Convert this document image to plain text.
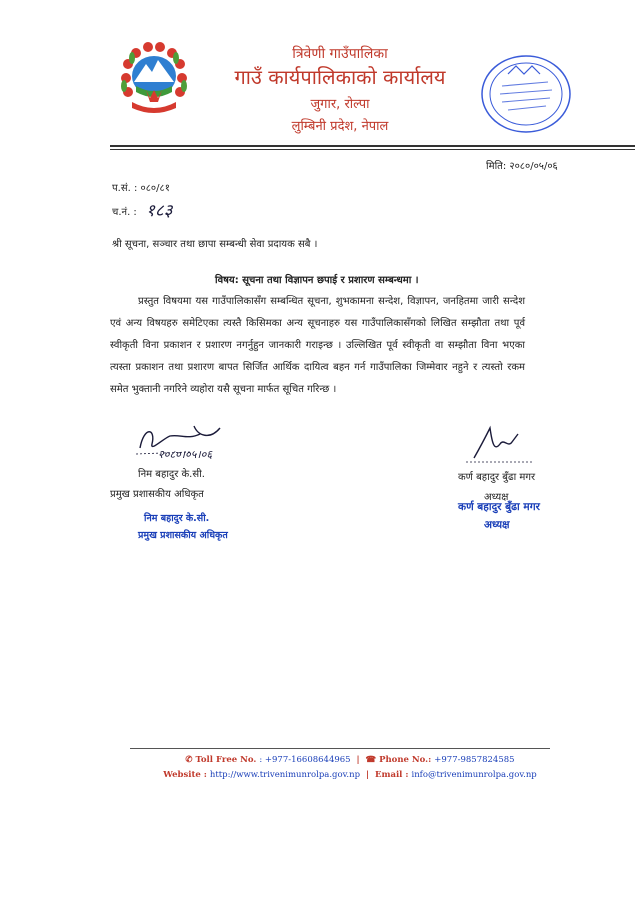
त्रिवेणी गाउँपालिका
गाउँ कार्यपालिकाको कार्यालय
जुगार, रोल्पा
लुम्बिनी प्रदेश, नेपाल
मिति: २०८०/०५/०६
प.सं. : ०८०/८१
च.नं. : १८३
श्री सूचना, सञ्चार तथा छापा सम्बन्धी सेवा प्रदायक सबै ।
विषय: सूचना तथा विज्ञापन छपाई र प्रशारण सम्बन्धमा ।
प्रस्तुत विषयमा यस गाउँपालिकासँग सम्बन्धित सूचना, शुभकामना सन्देश, विज्ञापन, जनहितमा जारी सन्देश एवं अन्य विषयहरु समेटिएका त्यस्तै किसिमका अन्य सूचनाहरु यस गाउँपालिकासँगको लिखित सम्झौता तथा पूर्व स्वीकृती विना प्रकाशन र प्रशारण नगर्नुहुन जानकारी गराइन्छ । उल्लिखित पूर्व स्वीकृती वा सम्झौता विना भएका त्यस्ता प्रकाशन तथा प्रशारण बापत सिर्जित आर्थिक दायित्व बहन गर्न गाउँपालिका जिम्मेवार नहुने र त्यस्तो रकम समेत भुक्तानी नगरिने व्यहोरा यसै सूचना मार्फत सूचित गरिन्छ ।
२०८०।०५।०६
निम बहादुर के.सी.
प्रमुख प्रशासकीय अधिकृत
निम बहादुर के.सी.
प्रमुख प्रशासकीय अधिकृत
कर्ण बहादुर बुँढा मगर
अध्यक्ष
कर्ण बहादुर बुँढा मगर
अध्यक्ष
✆ Toll Free No. : +977-16608644965  |  ☎ Phone No.: +977-9857824585
Website : http://www.trivenimunrolpa.gov.np  |  Email : info@trivenimunrolpa.gov.np
